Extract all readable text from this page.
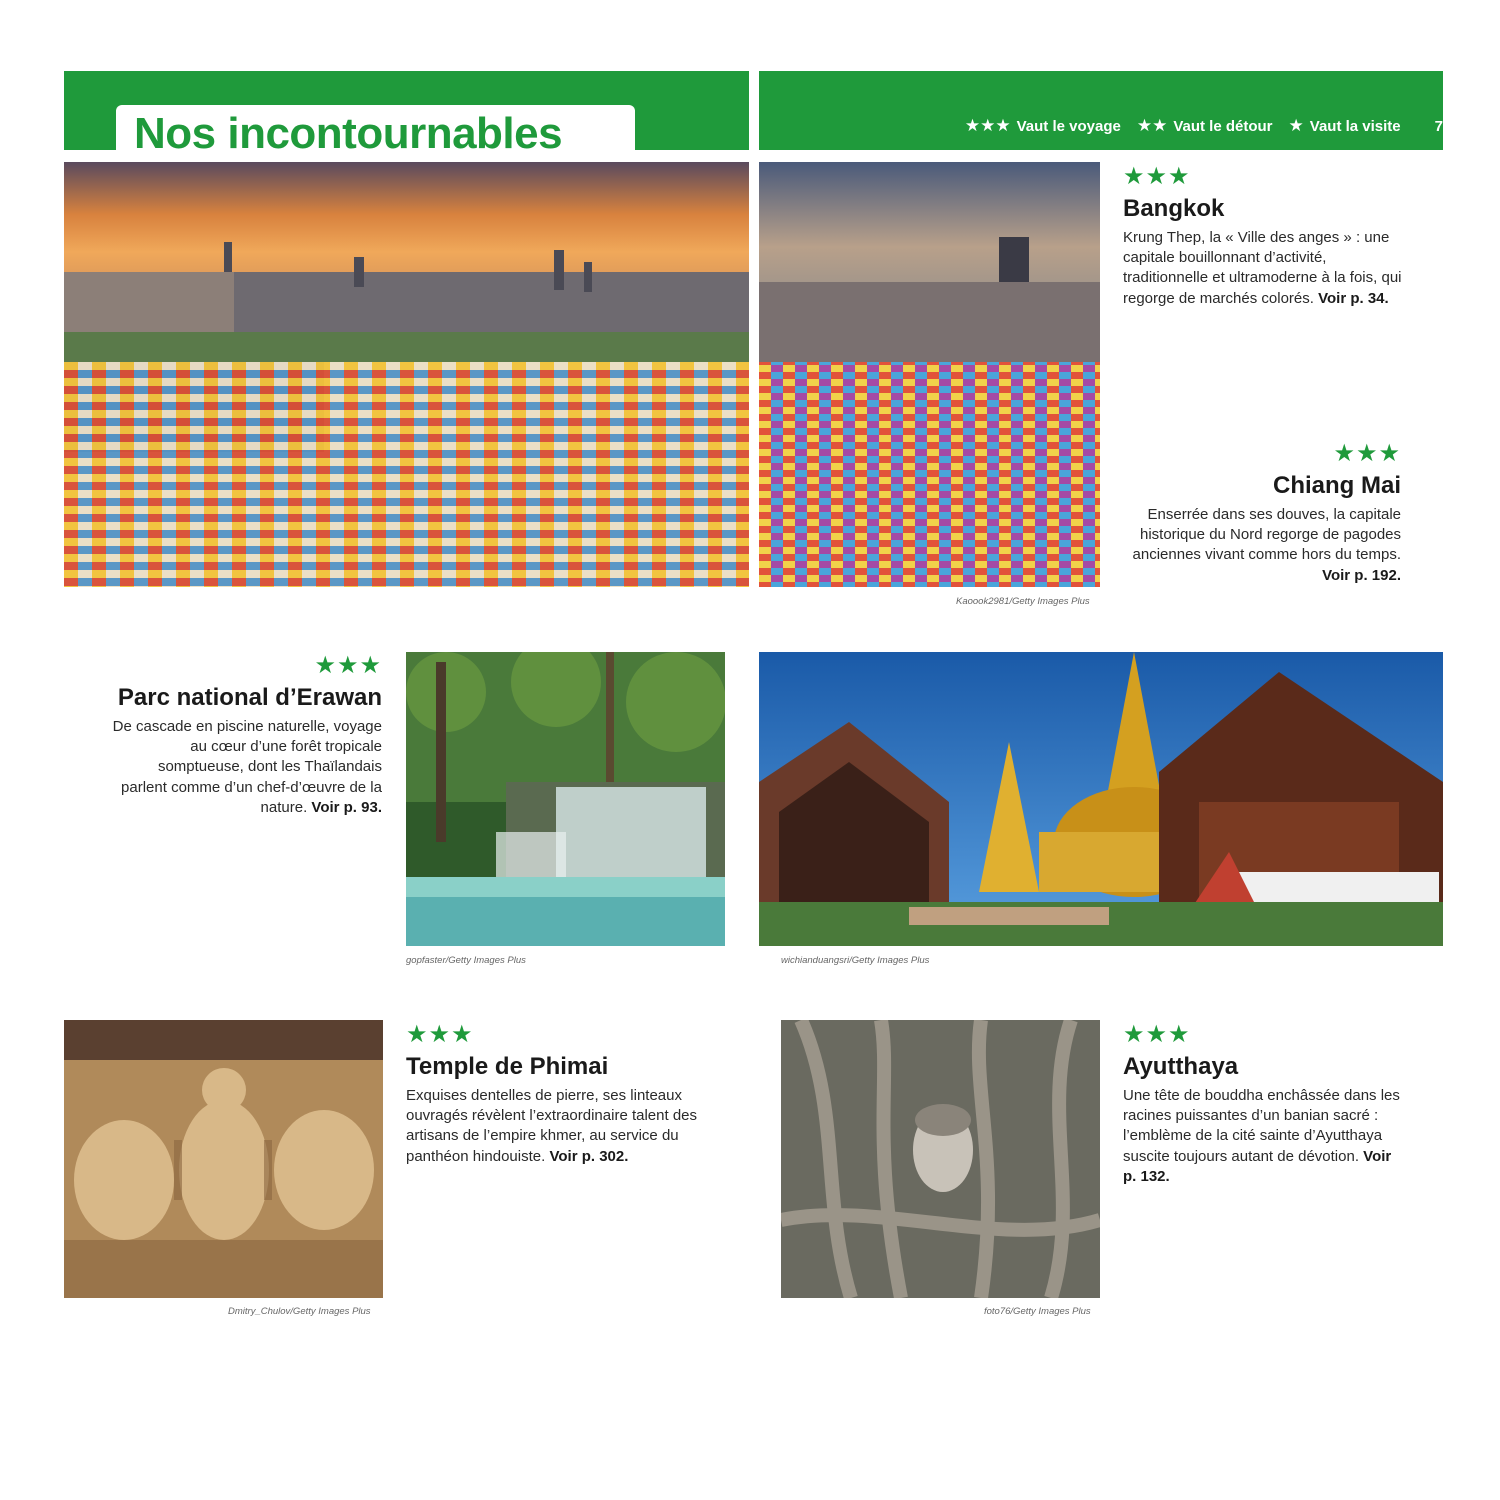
Nos incontournables	★★★ Vaut le voyage ★★ Vaut le détour ★ Vaut la visite 7
Kaoook2981/Getty Images Plus
★★★
Bangkok
Krung Thep, la « Ville des anges » : une capitale bouillonnant d’activité, traditionnelle et ultramoderne à la fois, qui regorge de marchés colorés. Voir p. 34.
★★★
Chiang Mai
Enserrée dans ses douves, la capitale historique du Nord regorge de pagodes anciennes vivant comme hors du temps. Voir p. 192.
★★★
Parc national d’Erawan
De cascade en piscine naturelle, voyage au cœur d’une forêt tropicale somptueuse, dont les Thaïlandais parlent comme d’un chef-d’œuvre de la nature. Voir p. 93.
gopfaster/Getty Images Plus	wichianduangsri/Getty Images Plus
Dmitry_Chulov/Getty Images Plus
★★★
Temple de Phimai
Exquises dentelles de pierre, ses linteaux ouvragés révèlent l’extraordinaire talent des artisans de l’empire khmer, au service du panthéon hindouiste. Voir p. 302.
foto76/Getty Images Plus
★★★
Ayutthaya
Une tête de bouddha enchâssée dans les racines puissantes d’un banian sacré : l’emblème de la cité sainte d’Ayutthaya suscite toujours autant de dévotion. Voir p. 132.
